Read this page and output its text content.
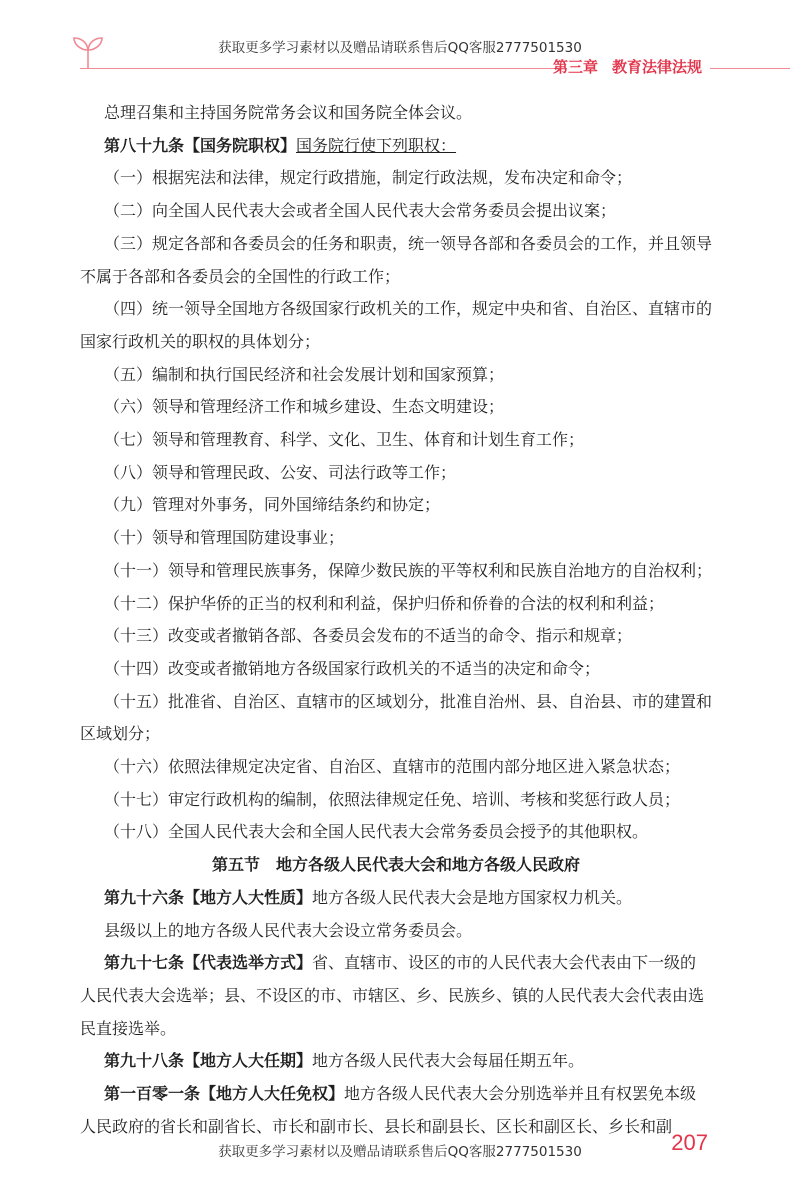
获取更多学习素材以及赠品请联系售后QQ客服2777501530
第三章 教育法律法规

总理召集和主持国务院常务会议和国务院全体会议。

第八十九条【国务院职权】国务院行使下列职权：

（一）根据宪法和法律，规定行政措施，制定行政法规，发布决定和命令；

（二）向全国人民代表大会或者全国人民代表大会常务委员会提出议案；

（三）规定各部和各委员会的任务和职责，统一领导各部和各委员会的工作，并且领导不属于各部和各委员会的全国性的行政工作；

（四）统一领导全国地方各级国家行政机关的工作，规定中央和省、自治区、直辖市的国家行政机关的职权的具体划分；

（五）编制和执行国民经济和社会发展计划和国家预算；

（六）领导和管理经济工作和城乡建设、生态文明建设；

（七）领导和管理教育、科学、文化、卫生、体育和计划生育工作；

（八）领导和管理民政、公安、司法行政等工作；

（九）管理对外事务，同外国缔结条约和协定；

（十）领导和管理国防建设事业；

（十一）领导和管理民族事务，保障少数民族的平等权利和民族自治地方的自治权利；

（十二）保护华侨的正当的权利和利益，保护归侨和侨眷的合法的权利和利益；

（十三）改变或者撤销各部、各委员会发布的不适当的命令、指示和规章；

（十四）改变或者撤销地方各级国家行政机关的不适当的决定和命令；

（十五）批准省、自治区、直辖市的区域划分，批准自治州、县、自治县、市的建置和区域划分；

（十六）依照法律规定决定省、自治区、直辖市的范围内部分地区进入紧急状态；

（十七）审定行政机构的编制，依照法律规定任免、培训、考核和奖惩行政人员；

（十八）全国人民代表大会和全国人民代表大会常务委员会授予的其他职权。

第五节　地方各级人民代表大会和地方各级人民政府

第九十六条【地方人大性质】地方各级人民代表大会是地方国家权力机关。

县级以上的地方各级人民代表大会设立常务委员会。

第九十七条【代表选举方式】省、直辖市、设区的市的人民代表大会代表由下一级的人民代表大会选举；县、不设区的市、市辖区、乡、民族乡、镇的人民代表大会代表由选民直接选举。

第九十八条【地方人大任期】地方各级人民代表大会每届任期五年。

第一百零一条【地方人大任免权】地方各级人民代表大会分别选举并且有权罢免本级人民政府的省长和副省长、市长和副市长、县长和副县长、区长和副区长、乡长和副

获取更多学习素材以及赠品请联系售后QQ客服2777501530	207
